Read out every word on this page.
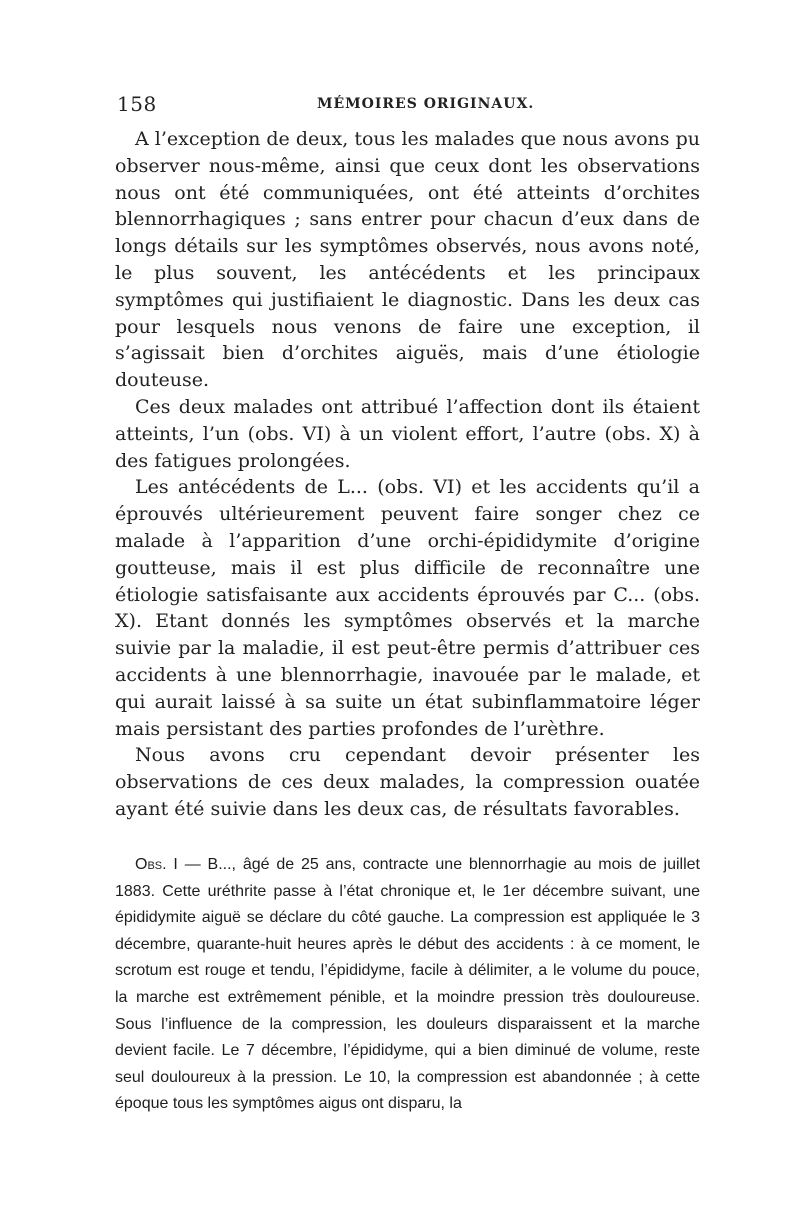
158	MÉMOIRES ORIGINAUX.

A l’exception de deux, tous les malades que nous avons pu observer nous-même, ainsi que ceux dont les observations nous ont été communiquées, ont été atteints d’orchites blennorrhagiques ; sans entrer pour chacun d’eux dans de longs détails sur les symptômes observés, nous avons noté, le plus souvent, les antécédents et les principaux symptômes qui justifiaient le diagnostic. Dans les deux cas pour lesquels nous venons de faire une exception, il s’agissait bien d’orchites aiguës, mais d’une étiologie douteuse.

Ces deux malades ont attribué l’affection dont ils étaient atteints, l’un (obs. VI) à un violent effort, l’autre (obs. X) à des fatigues prolongées.

Les antécédents de L... (obs. VI) et les accidents qu’il a éprouvés ultérieurement peuvent faire songer chez ce malade à l’apparition d’une orchi-épididymite d’origine goutteuse, mais il est plus difficile de reconnaître une étiologie satisfaisante aux accidents éprouvés par C... (obs. X). Etant donnés les symptômes observés et la marche suivie par la maladie, il est peut-être permis d’attribuer ces accidents à une blennorrhagie, inavouée par le malade, et qui aurait laissé à sa suite un état subinflammatoire léger mais persistant des parties profondes de l’urèthre.

Nous avons cru cependant devoir présenter les observations de ces deux malades, la compression ouatée ayant été suivie dans les deux cas, de résultats favorables.

Obs. I — B..., âgé de 25 ans, contracte une blennorrhagie au mois de juillet 1883. Cette uréthrite passe à l’état chronique et, le 1er décembre suivant, une épididymite aiguë se déclare du côté gauche. La compression est appliquée le 3 décembre, quarante-huit heures après le début des accidents : à ce moment, le scrotum est rouge et tendu, l’épididyme, facile à délimiter, a le volume du pouce, la marche est extrêmement pénible, et la moindre pression très douloureuse. Sous l’influence de la compression, les douleurs disparaissent et la marche devient facile. Le 7 décembre, l’épididyme, qui a bien diminué de volume, reste seul douloureux à la pression. Le 10, la compression est abandonnée ; à cette époque tous les symptômes aigus ont disparu, la
